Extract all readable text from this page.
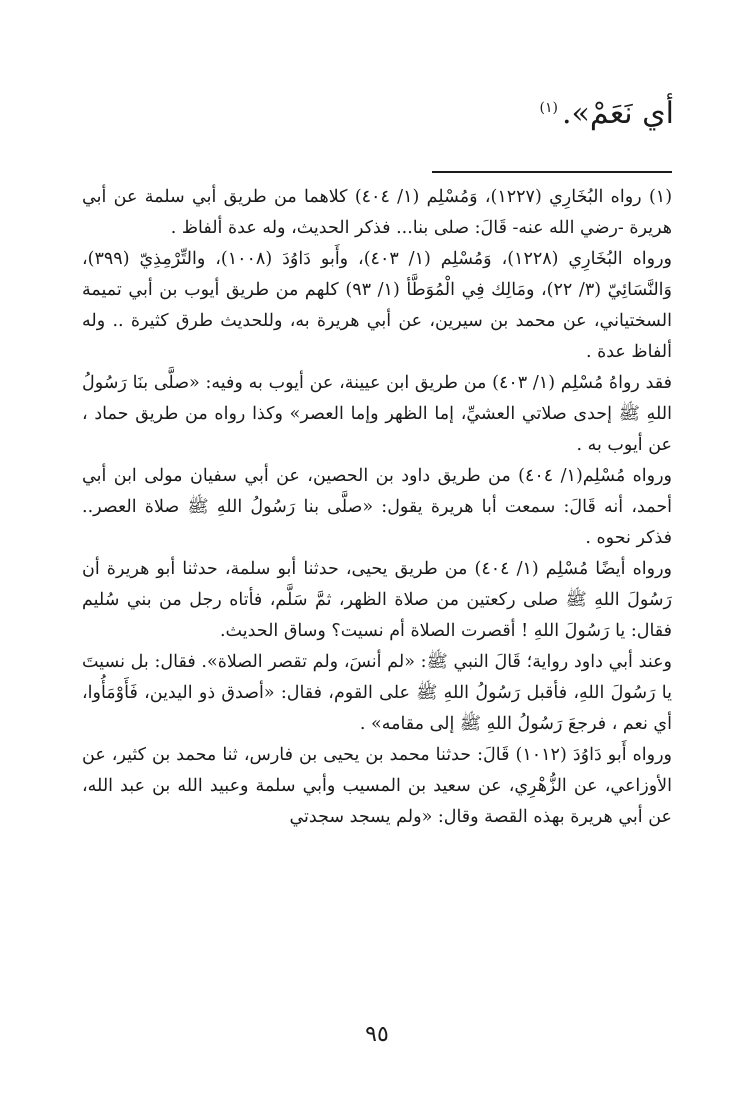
أي نَعَمْ».$^{(١)}$

(١) رواه البُخَارِي (١٢٢٧)، وَمُسْلِم (١/ ٤٠٤) كلاهما من طريق أبي سلمة عن أبي هريرة -رضي الله عنه- قَالَ: صلى بنا... فذكر الحديث، وله عدة ألفاظ .

ورواه البُخَارِي (١٢٢٨)، وَمُسْلِم (١/ ٤٠٣)، وأَبو دَاوُدَ (١٠٠٨)، والتِّرْمِذِيّ (٣٩٩)، وَالنَّسَائِيّ (٣/ ٢٢)، ومَالِك فِي الْمُوَطَّأ (١/ ٩٣) كلهم من طريق أيوب بن أبي تميمة السختياني، عن محمد بن سيرين، عن أبي هريرة به، وللحديث طرق كثيرة .. وله ألفاظ عدة .

فقد رواهُ مُسْلِم (١/ ٤٠٣) من طريق ابن عيينة، عن أيوب به وفيه: «صلَّى بنَا رَسُولُ اللهِ ﷺ إحدى صلاتي العشيِّ، إما الظهر وإما العصر» وكذا رواه من طريق حماد ، عن أيوب به .

ورواه مُسْلِم(١/ ٤٠٤) من طريق داود بن الحصين، عن أبي سفيان مولى ابن أبي أحمد، أنه قَالَ: سمعت أبا هريرة يقول: «صلَّى بنا رَسُولُ اللهِ ﷺ صلاة العصر.. فذكر نحوه .

ورواه أيضًا مُسْلِم (١/ ٤٠٤) من طريق يحيى، حدثنا أبو سلمة، حدثنا أبو هريرة أن رَسُولَ اللهِ ﷺ صلى ركعتين من صلاة الظهر، ثمَّ سَلَّم، فأتاه رجل من بني سُليم فقال: يا رَسُولَ اللهِ ! أقصرت الصلاة أم نسيت؟ وساق الحديث.

وعند أبي داود رواية؛ قَالَ النبي ﷺ: «لم أنسَ، ولم تقصر الصلاة». فقال: بل نسيتَ يا رَسُولَ اللهِ، فأقبل رَسُولُ اللهِ ﷺ على القوم، فقال: «أصدق ذو اليدين، فَأَوْمَأُوا، أي نعم ، فرجعَ رَسُولُ اللهِ ﷺ إلى مقامه» .

ورواه أَبو دَاوُدَ (١٠١٢) قَالَ: حدثنا محمد بن يحيى بن فارس، ثنا محمد بن كثير، عن الأوزاعي، عن الزُّهْرِي، عن سعيد بن المسيب وأبي سلمة وعبيد الله بن عبد الله، عن أبي هريرة بهذه القصة وقال: «ولم يسجد سجدتي

٩٥
